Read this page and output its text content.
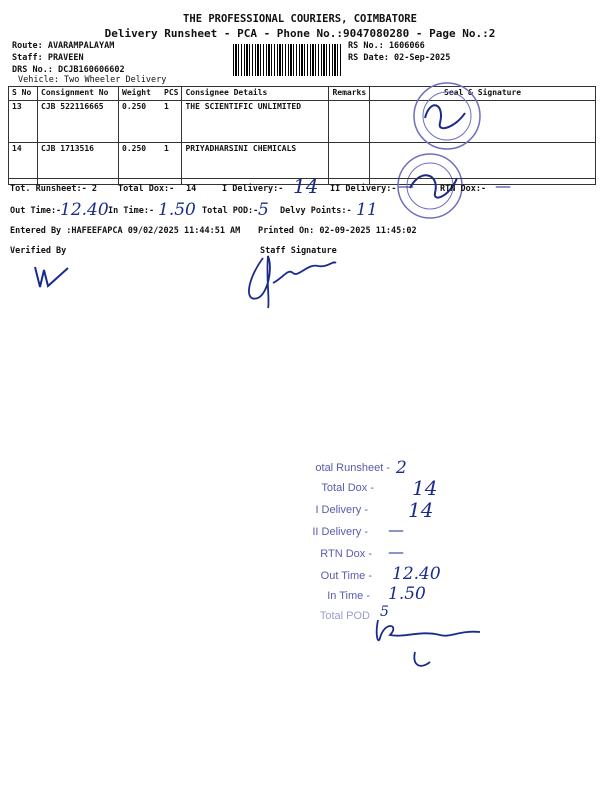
THE PROFESSIONAL COURIERS, COIMBATORE
Delivery Runsheet - PCA - Phone No.:9047080280 - Page No.:2
Route: AVARAMPALAYAM
Staff: PRAVEEN
DRS No.: DCJB160606602
Vehicle: Two Wheeler Delivery
RS No.: 1606066
RS Date: 02-Sep-2025
S No	Consignment No	Weight	PCS	Consignee Details	Remarks	Seal & Signature
13	CJB 522116665	0.250	1	THE SCIENTIFIC UNLIMITED		
14	CJB 1713516	0.250	1	PRIYADHARSINI CHEMICALS		
Tot. Runsheet:- 2 Total Dox:- 14	I Delivery:- 14 II Delivery:- —	RTN Dox:- —
Out Time:-
12.40 In Time:- 1.50 Total POD:- 5 Delvy Points:- 11
Entered By :HAFEEFAPCA 09/02/2025 11:44:51 AM Printed On: 02-09-2025 11:45:02
Verified By	Staff Signature
otal Runsheet - 2
Total Dox - 14
I Delivery - 14
II Delivery - —
RTN Dox - —
Out Time - 12.40
In Time - 1.50
Total POD 5
